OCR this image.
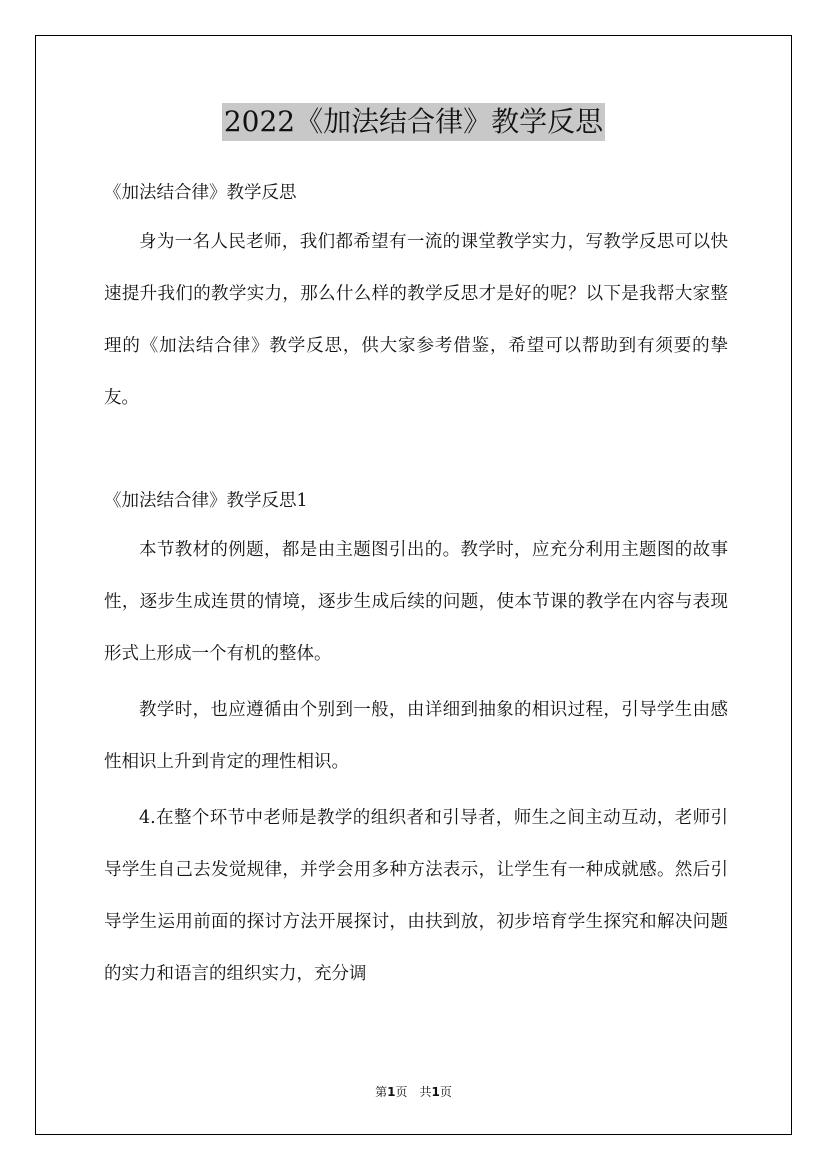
2022《加法结合律》教学反思

《加法结合律》教学反思

身为一名人民老师，我们都希望有一流的课堂教学实力，写教学反思可以快速提升我们的教学实力，那么什么样的教学反思才是好的呢？以下是我帮大家整理的《加法结合律》教学反思，供大家参考借鉴，希望可以帮助到有须要的挚友。

《加法结合律》教学反思1

本节教材的例题，都是由主题图引出的。教学时，应充分利用主题图的故事性，逐步生成连贯的情境，逐步生成后续的问题，使本节课的教学在内容与表现形式上形成一个有机的整体。

教学时，也应遵循由个别到一般，由详细到抽象的相识过程，引导学生由感性相识上升到肯定的理性相识。

4.在整个环节中老师是教学的组织者和引导者，师生之间主动互动，老师引导学生自己去发觉规律，并学会用多种方法表示，让学生有一种成就感。然后引导学生运用前面的探讨方法开展探讨，由扶到放，初步培育学生探究和解决问题的实力和语言的组织实力，充分调

第1页 共1页
